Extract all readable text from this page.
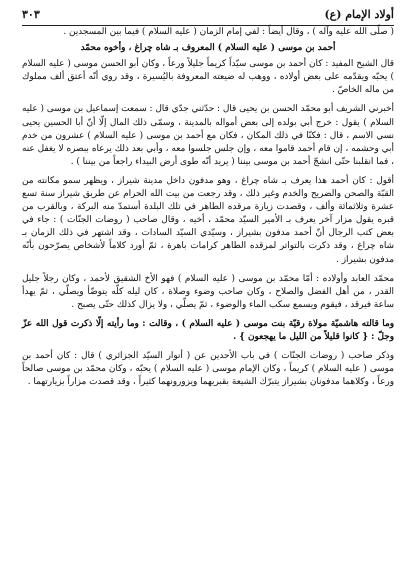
أولاد الإمام (ع)
٣٠٣

( صلّى الله عليه وآله ) ، وقال أيضاً : لفي إمام الزمان ( عليه السلام ) فيما بين المسجدين .

أحمد بن موسى ( عليه السلام ) المعروف بـ شاه چراغ ، وأخوه محمّد

قال الشيخ المفيد : كان أحمد بن موسى سيّداً كريماً جليلاً ورعاً ، وكان أبو الحسن موسى ( عليه السلام ) يحبّه ويقدّمه على بعض أولاده ، ووهب له ضيعته المعروفة باليُسيرة ، وقد روي أنّه أعتق ألف مملوك من ماله الخاصّ .

أخبرني الشريف أبو محمّد الحسن بن يحيى قال : حدّثني جدّي قال : سمعت إسماعيل بن موسى ( عليه السلام ) يقول : خرج أبي بولده إلى بعض أمواله بالمدينة ، وسمّى ذلك المال إلّا أنّ أبا الحسين يحيى نسي الاسم ، قال : فكنّا في ذلك المكان ، فكان مع أحمد بن موسى ( عليه السلام ) عشرون من خدم أبي وحشمه ، إن قام أحمد قاموا معه ، وإن جلس جلسوا معه ، وأبي بعد ذلك يرعاه ببصره لا يغفل عنه ، فما انقلبنا حتّى انشجّ أحمد بن موسى بيننا ( يريد أنّه طوى أرض البيداء راجعاً من بيننا ) .

أقول : كان أحمد هذا يعرف بـ شاه چراغ ، وهو مدفون داخل مدينة شيراز ، ويظهر سمو مكانته من القبّة والصحن والضريح والخدم وغير ذلك ، وقد رجعت من بيت الله الحرام عن طريق شيراز سنة تسع عشرة وثلاثمائة وألف ، وقصدت زيارة مرقده الطاهر في تلك البلدة أستمدّ منه البركة ، وبالقرب من قبره يقول مزار آخر يعرف بـ الأمير السيّد محمّد ، أخيه ، وقال صاحب ( روضات الجنّات ) : جاء في بعض كتب الرجال أنّ أحمد مدفون بشيراز ، وسيّدي السيّد السادات ، وقد اشتهر في ذلك الزمان بـ شاه چراغ ، وقد ذكرت بالتواتر لمرقده الطاهر كرامات باهرة ، ثمّ أورد كلاماً لأشخاص يصرّحون بأنّه مدفون بشيراز .

محمّد العابد وأولاده : أمّا محمّد بن موسى ( عليه السلام ) فهو الأخ الشقيق لأحمد ، وكان رجلاً جليل القدر ، من أهل الفضل والصلاح ، وكان صاحب وضوء وصلاة ، كان ليله كلّه يتوضّأ ويصلّي ، ثمّ يهدأ ساعة فيرقد ، فيقوم ويسمع سكب الماء والوضوء ، ثمّ يصلّي ، ولا يزال كذلك حتّى يصبح .

وما قالته هاشميّة مولاة رقيّة بنت موسى ( عليه السلام ) ، وقالت : وما رأيته إلّا ذكرت قول الله عزّ وجلّ : { كانوا قليلاً من الليل ما يهجعون } .

وذكر صاحب ( روضات الجنّات ) في باب الأحدين عن ( أنوار السيّد الجزائري ) قال : كان أحمد بن موسى ( عليه السلام ) كريماً ، وكان الإمام موسى ( عليه السلام ) يحبّه ، وكان محمّد بن موسى صالحاً ورعاً ، وكلاهما مدفونان بشيراز يتبرّك الشيعة بقبريهما ويزورونهما كثيراً ، وقد قصدت مزاراً بزيارتهما .
